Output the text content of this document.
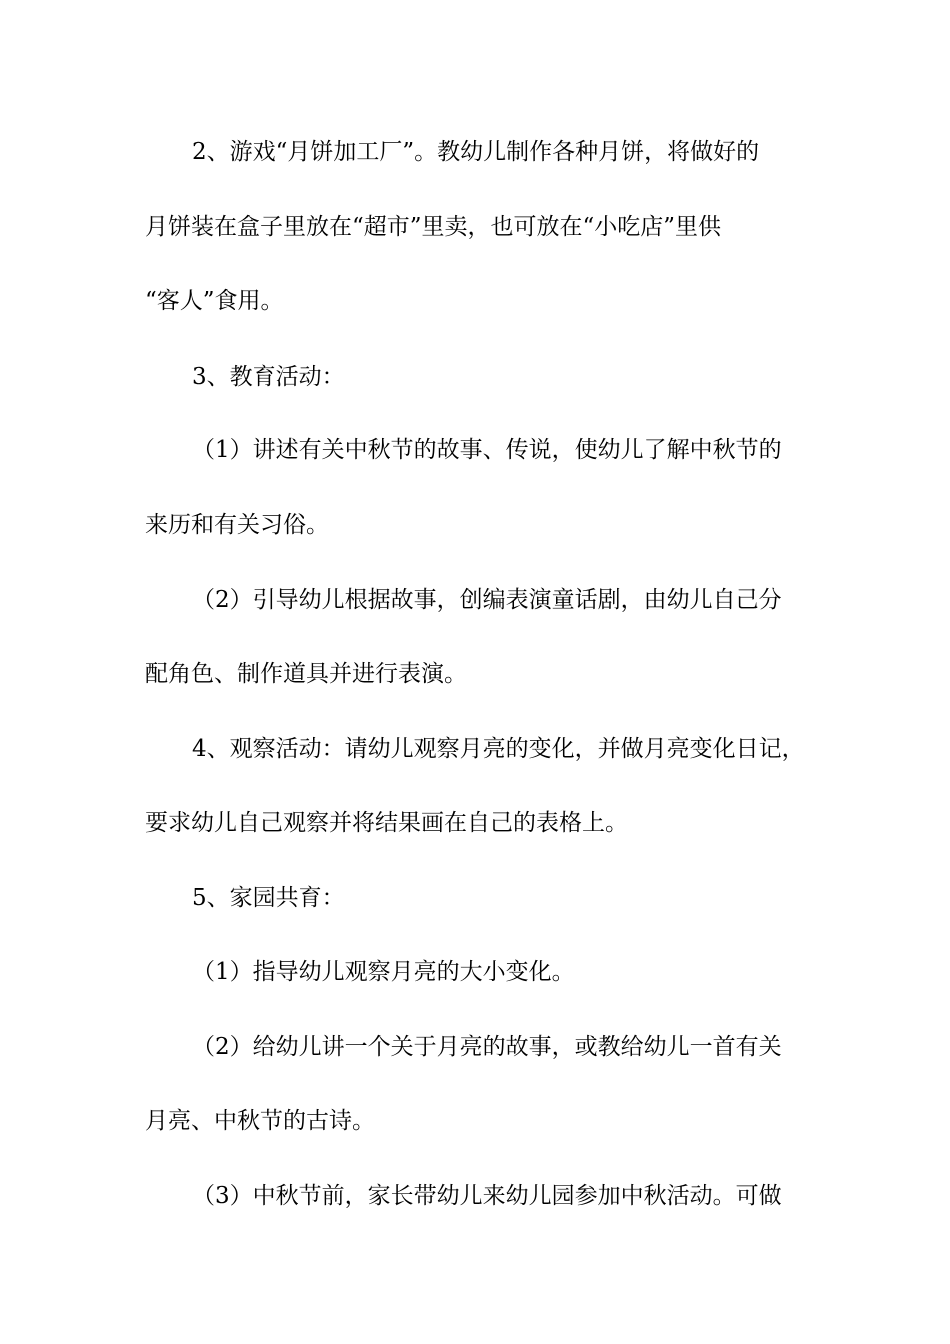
2、游戏“月饼加工厂”。教幼儿制作各种月饼，将做好的
月饼装在盒子里放在“超市”里卖，也可放在“小吃店”里供
“客人”食用。
3、教育活动：
（1）讲述有关中秋节的故事、传说，使幼儿了解中秋节的
来历和有关习俗。
（2）引导幼儿根据故事，创编表演童话剧，由幼儿自己分
配角色、制作道具并进行表演。
4、观察活动：请幼儿观察月亮的变化，并做月亮变化日记，
要求幼儿自己观察并将结果画在自己的表格上。
5、家园共育：
（1）指导幼儿观察月亮的大小变化。
（2）给幼儿讲一个关于月亮的故事，或教给幼儿一首有关
月亮、中秋节的古诗。
（3）中秋节前，家长带幼儿来幼儿园参加中秋活动。可做
